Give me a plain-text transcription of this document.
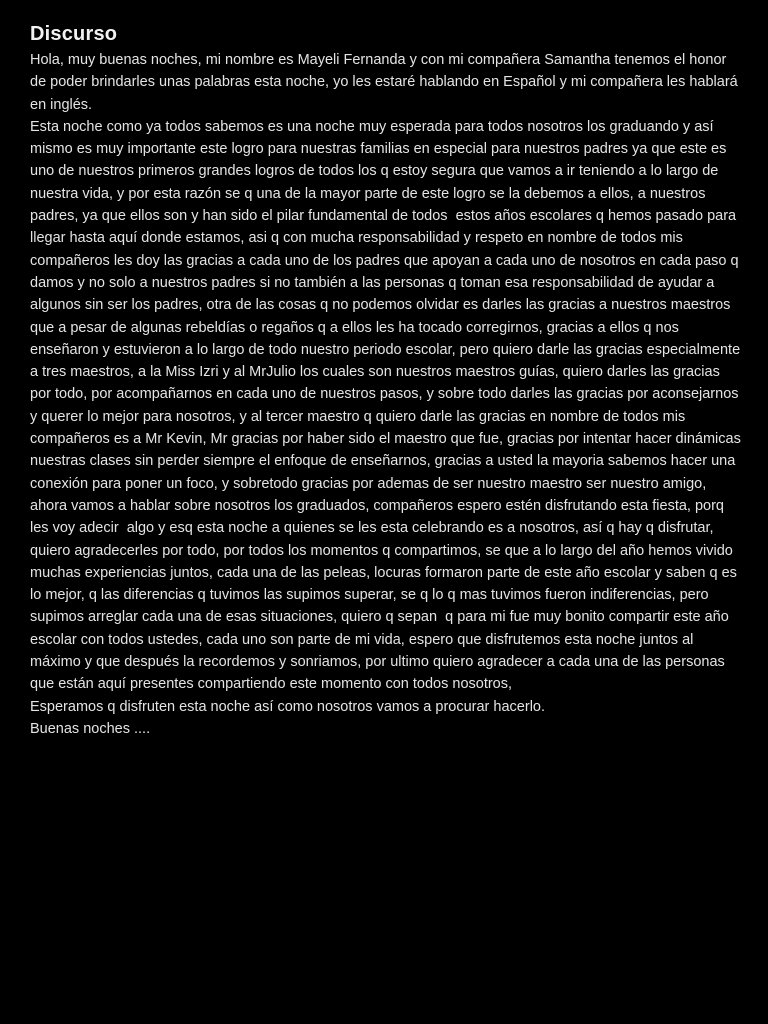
Discurso

Hola, muy buenas noches, mi nombre es Mayeli Fernanda y con mi compañera Samantha tenemos el honor de poder brindarles unas palabras esta noche, yo les estaré hablando en Español y mi compañera les hablará en inglés.

Esta noche como ya todos sabemos es una noche muy esperada para todos nosotros los graduando y así mismo es muy importante este logro para nuestras familias en especial para nuestros padres ya que este es uno de nuestros primeros grandes logros de todos los q estoy segura que vamos a ir teniendo a lo largo de nuestra vida, y por esta razón se q una de la mayor parte de este logro se la debemos a ellos, a nuestros padres, ya que ellos son y han sido el pilar fundamental de todos  estos años escolares q hemos pasado para llegar hasta aquí donde estamos, asi q con mucha responsabilidad y respeto en nombre de todos mis compañeros les doy las gracias a cada uno de los padres que apoyan a cada uno de nosotros en cada paso q damos y no solo a nuestros padres si no también a las personas q toman esa responsabilidad de ayudar a algunos sin ser los padres, otra de las cosas q no podemos olvidar es darles las gracias a nuestros maestros que a pesar de algunas rebeldías o regaños q a ellos les ha tocado corregirnos, gracias a ellos q nos enseñaron y estuvieron a lo largo de todo nuestro periodo escolar, pero quiero darle las gracias especialmente a tres maestros, a la Miss Izri y al MrJulio los cuales son nuestros maestros guías, quiero darles las gracias por todo, por acompañarnos en cada uno de nuestros pasos, y sobre todo darles las gracias por aconsejarnos y querer lo mejor para nosotros, y al tercer maestro q quiero darle las gracias en nombre de todos mis compañeros es a Mr Kevin, Mr gracias por haber sido el maestro que fue, gracias por intentar hacer dinámicas nuestras clases sin perder siempre el enfoque de enseñarnos, gracias a usted la mayoria sabemos hacer una conexión para poner un foco, y sobretodo gracias por ademas de ser nuestro maestro ser nuestro amigo, ahora vamos a hablar sobre nosotros los graduados, compañeros espero estén disfrutando esta fiesta, porq les voy adecir  algo y esq esta noche a quienes se les esta celebrando es a nosotros, así q hay q disfrutar, quiero agradecerles por todo, por todos los momentos q compartimos, se que a lo largo del año hemos vivido muchas experiencias juntos, cada una de las peleas, locuras formaron parte de este año escolar y saben q es lo mejor, q las diferencias q tuvimos las supimos superar, se q lo q mas tuvimos fueron indiferencias, pero supimos arreglar cada una de esas situaciones, quiero q sepan  q para mi fue muy bonito compartir este año escolar con todos ustedes, cada uno son parte de mi vida, espero que disfrutemos esta noche juntos al máximo y que después la recordemos y sonriamos, por ultimo quiero agradecer a cada una de las personas que están aquí presentes compartiendo este momento con todos nosotros,

Esperamos q disfruten esta noche así como nosotros vamos a procurar hacerlo.

Buenas noches ....
